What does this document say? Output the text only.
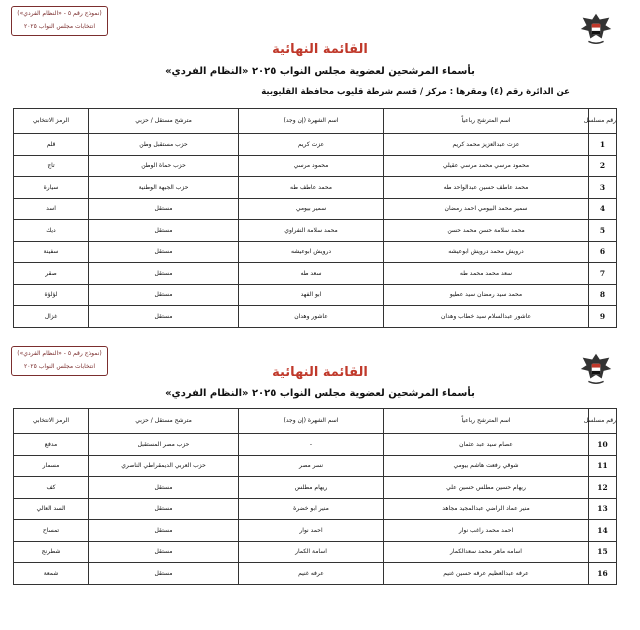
(نموذج رقم ٥ - «النظام الفردي»)
انتخابات مجلس النواب ٢٠٢٥
القائمة النهائية
بأسماء المرشحين لعضوية مجلس النواب ٢٠٢٥ «النظام الفردي»
عن الدائرة رقم (٤) ومقرها : مركز / قسم شرطة قليوب محافظة القليوبية
رقم مسلسل	اسم المترشح رباعياً	اسم الشهرة (إن وجد)	مترشح مستقل / حزبي	الرمز الانتخابي
1	عزت عبدالعزيز محمد كريم	عزت كريم	حزب مستقبل وطن	قلم
2	محمود مرسي محمد مرسي عقيلي	محمود مرسي	حزب حماة الوطن	تاج
3	محمد عاطف حسين عبدالواحد طه	محمد عاطف طه	حزب الجبهة الوطنية	سيارة
4	سمير محمد البيومي احمد رمضان	سمير بيومي	مستقل	اسد
5	محمد سلامة حسن محمد حسن	محمد سلامة النفراوي	مستقل	ديك
6	درويش محمد درويش ابوعيشه	درويش ابوعيشه	مستقل	سفينة
7	سعد محمد محمد طه	سعد طه	مستقل	صقر
8	محمد سيد رمضان سيد عطيو	ابو الفهد	مستقل	لؤلؤة
9	عاشور عبدالسلام سيد خطاب وهدان	عاشور وهدان	مستقل	غزال
(نموذج رقم ٥ - «النظام الفردي»)
انتخابات مجلس النواب ٢٠٢٥	القائمة النهائية
بأسماء المرشحين لعضوية مجلس النواب ٢٠٢٥ «النظام الفردي»
رقم مسلسل	اسم المترشح رباعياً	اسم الشهرة (إن وجد)	مترشح مستقل / حزبي	الرمز الانتخابي
10	عصام سيد عبد عثمان	-	حزب مصر المستقبل	مدفع
11	شوقي رفعت هاشم بيومي	نسر مصر	حزب العربي الديمقراطي الناصري	مسمار
12	ريهام حسين مطلس حسين علي	ريهام مطلس	مستقل	كف
13	منير عماد الراضي عبدالمجيد مجاهد	منير ابو خضرة	مستقل	السد العالي
14	احمد محمد راغب نوار	احمد نوار	مستقل	تمساح
15	اسامه ماهر محمد سعدالكمار	اسامة الكمار	مستقل	شطرنج
16	عرفه عبدالعظيم عرفه حسين غنيم	عرفه غنيم	مستقل	شمعة
